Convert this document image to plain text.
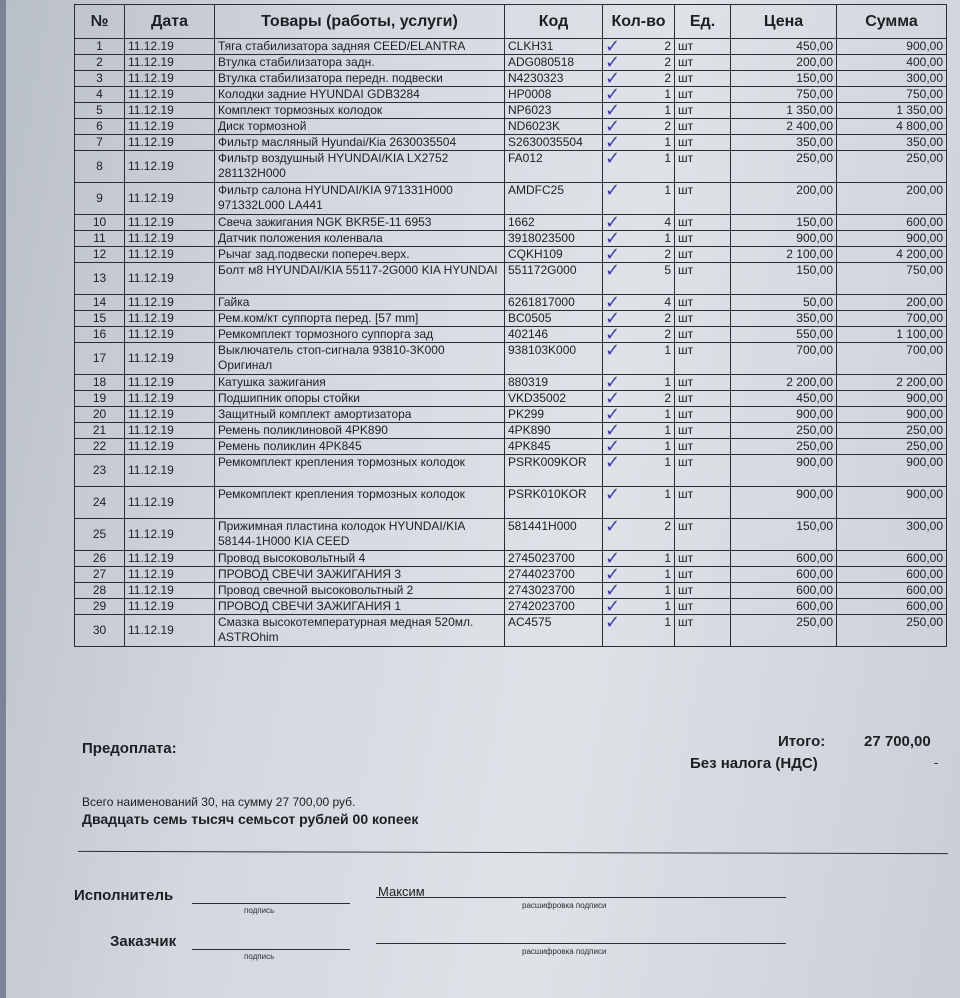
№	Дата	Товары (работы, услуги)	Код	Кол-во	Ед.	Цена	Сумма
1	11.12.19	Тяга стабилизатора задняя CEED/ELANTRA	CLKH31	✓ 2	шт	450,00	900,00
2	11.12.19	Втулка стабилизатора задн.	ADG080518	✓ 2	шт	200,00	400,00
3	11.12.19	Втулка стабилизатора передн. подвески	N4230323	✓ 2	шт	150,00	300,00
4	11.12.19	Колодки задние HYUNDAI GDB3284	HP0008	✓ 1	шт	750,00	750,00
5	11.12.19	Комплект тормозных колодок	NP6023	✓ 1	шт	1 350,00	1 350,00
6	11.12.19	Диск тормозной	ND6023K	✓ 2	шт	2 400,00	4 800,00
7	11.12.19	Фильтр масляный Hyundai/Kia 2630035504	S2630035504	✓ 1	шт	350,00	350,00
8	11.12.19	Фильтр воздушный HYUNDAI/KIA LX2752 281132H000	FA012	✓ 1	шт	250,00	250,00
9	11.12.19	Фильтр салона HYUNDAI/KIA 971331H000 971332L000 LA441	AMDFC25	✓ 1	шт	200,00	200,00
10	11.12.19	Свеча зажигания NGK BKR5E-11 6953	1662	✓ 4	шт	150,00	600,00
11	11.12.19	Датчик положения коленвала	3918023500	✓ 1	шт	900,00	900,00
12	11.12.19	Рычаг зад.подвески попереч.верх.	CQKH109	✓ 2	шт	2 100,00	4 200,00
13	11.12.19	Болт м8 HYUNDAI/KIA 55117-2G000 KIA HYUNDAI	551172G000	✓ 5	шт	150,00	750,00
14	11.12.19	Гайка	6261817000	✓ 4	шт	50,00	200,00
15	11.12.19	Рем.ком/кт суппорта перед. [57 mm]	BC0505	✓ 2	шт	350,00	700,00
16	11.12.19	Ремкомплект тормозного суппорга зад	402146	✓ 2	шт	550,00	1 100,00
17	11.12.19	Выключатель стоп-сигнала 93810-3K000 Оригинал	938103K000	✓ 1	шт	700,00	700,00
18	11.12.19	Катушка зажигания	880319	✓ 1	шт	2 200,00	2 200,00
19	11.12.19	Подшипник опоры стойки	VKD35002	✓ 2	шт	450,00	900,00
20	11.12.19	Защитный комплект амортизатора	PK299	✓ 1	шт	900,00	900,00
21	11.12.19	Ремень поликлиновой 4PK890	4PK890	✓ 1	шт	250,00	250,00
22	11.12.19	Ремень поликлин 4PK845	4PK845	✓ 1	шт	250,00	250,00
23	11.12.19	Ремкомплект крепления тормозных колодок	PSRK009KOR	✓ 1	шт	900,00	900,00
24	11.12.19	Ремкомплект крепления тормозных колодок	PSRK010KOR	✓ 1	шт	900,00	900,00
25	11.12.19	Прижимная пластина колодок HYUNDAI/KIA 58144-1H000 KIA CEED	581441H000	✓ 2	шт	150,00	300,00
26	11.12.19	Провод высоковольтный 4	2745023700	✓ 1	шт	600,00	600,00
27	11.12.19	ПРОВОД СВЕЧИ ЗАЖИГАНИЯ 3	2744023700	✓ 1	шт	600,00	600,00
28	11.12.19	Провод свечной высоковольтный 2	2743023700	✓ 1	шт	600,00	600,00
29	11.12.19	ПРОВОД СВЕЧИ ЗАЖИГАНИЯ 1	2742023700	✓ 1	шт	600,00	600,00
30	11.12.19	Смазка высокотемпературная медная 520мл. ASTROhim	AC4575	✓ 1	шт	250,00	250,00
Предоплата:	Итого:	27 700,00
Без налога (НДС)	-
Всего наименований 30, на сумму 27 700,00 руб.
Двадцать семь тысяч семьсот рублей 00 копеек
Исполнитель
подпись
Максим
расшифровка подписи
Заказчик
подпись
расшифровка подписи
